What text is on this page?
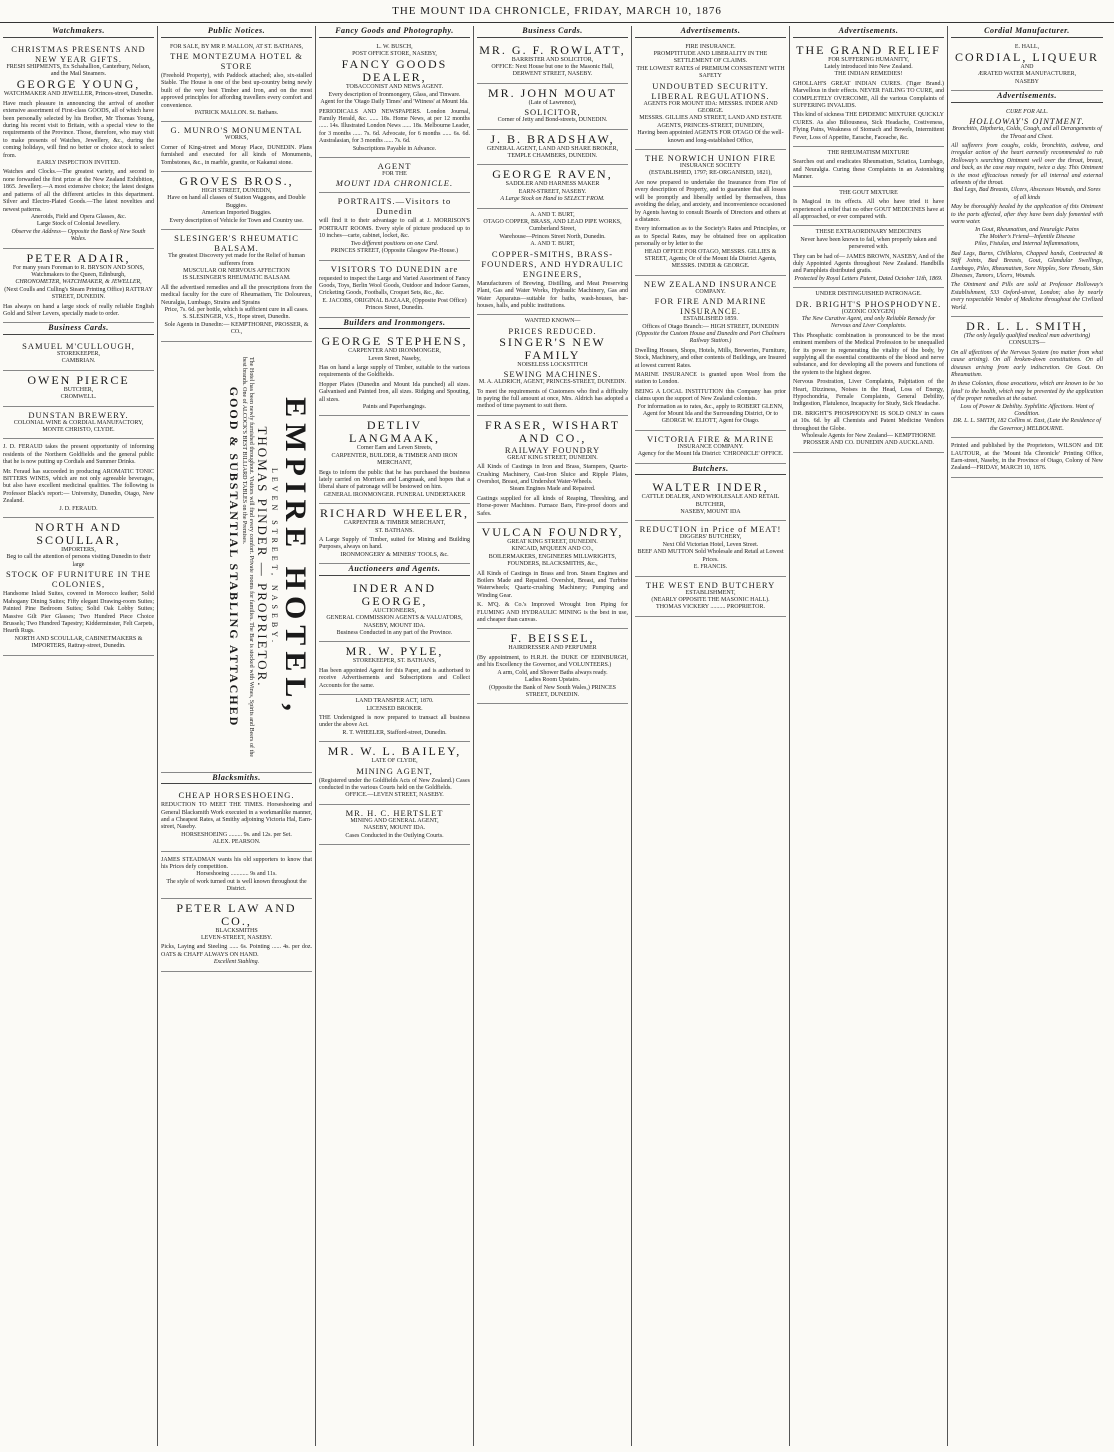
THE MOUNT IDA CHRONICLE, FRIDAY, MARCH 10, 1876
Watchmakers.
CHRISTMAS PRESENTS AND NEW YEAR GIFTS.
FRESH SHIPMENTS, Ex Schahallion, Canterbury, Nelson, and the Mail Steamers.
GEORGE YOUNG,
WATCHMAKER AND JEWELLER, Princes-street, Dunedin.
Have much pleasure in announcing the arrival of another extensive assortment of First-class GOODS, all of which have been personally selected by his Brother, Mr Thomas Young, during his recent visit to Britain, with a special view to the requirements of the Province. Those, therefore, who may visit to make presents of Watches, Jewellery, &c., during the coming holidays, will find no better or choice stock to select from.
EARLY INSPECTION INVITED.
Watches and Clocks.—The greatest variety, and second to none forwarded the first prize at the New Zealand Exhibition, 1865. Jewellery.—A most extensive choice; the latest designs and patterns of all the different articles in this department. Silver and Electro-Plated Goods.—The latest novelties and newest patterns.
Aneroids, Field and Opera Glasses, &c.
Large Stock of Colonial Jewellery.
Observe the Address— Opposite the Bank of New South Wales.
PETER ADAIR,
For many years Foreman to R. BRYSON AND SONS, Watchmakers to the Queen, Edinburgh,
CHRONOMETER, WATCHMAKER, & JEWELLER,
(Next Coulls and Culling's Steam Printing Office) RATTRAY STREET, DUNEDIN.
Has always on hand a large stock of really reliable English Gold and Silver Levers, specially made to order.
Business Cards.
SAMUEL M'CULLOUGH,
STOREKEEPER,
CAMBRIAN.
OWEN PIERCE
BUTCHER,
CROMWELL.
DUNSTAN BREWERY.
COLONIAL WINE & CORDIAL MANUFACTORY, MONTE CHRISTO, CLYDE.
J. D. FERAUD takes the present opportunity of informing residents of the Northern Goldfields and the general public that he is now putting up Cordials and Summer Drinks.
Mr. Feraud has succeeded in producing AROMATIC TONIC BITTERS WINES, which are not only agreeable beverages, but also have excellent medicinal qualities. The following is Professor Black's report:— University, Dunedin, Otago, New Zealand.
J. D. FERAUD.
NORTH AND SCOULLAR,
IMPORTERS,
Beg to call the attention of persons visiting Dunedin to their large
STOCK OF FURNITURE IN THE COLONIES,
Handsome Inlaid Suites, covered in Morocco leather; Solid Mahogany Dining Suites; Fifty elegant Drawing-room Suites; Painted Pine Bedroom Suites; Solid Oak Lobby Suites; Massive Gilt Pier Glasses; Two Hundred Piece Choice Brussels; Two Hundred Tapestry; Kidderminster, Felt Carpets, Hearth Rugs.
NORTH AND SCOULLAR, CABINETMAKERS & IMPORTERS, Rattray-street, Dunedin.
Public Notices.
FOR SALE, BY MR P. MALLON, AT ST. BATHANS,
THE MONTEZUMA HOTEL & STORE
(Freehold Property), with Paddock attached; also, six-stalled Stable. The House is one of the best up-country being newly built of the very best Timber and Iron, and on the most approved principles for affording travellers every comfort and convenience.
PATRICK MALLON. St. Bathans.
G. MUNRO'S MONUMENTAL
WORKS,
Corner of King-street and Moray Place, DUNEDIN. Plans furnished and executed for all kinds of Monuments, Tombstones, &c., in marble, granite, or Kakanui stone.
GROVES BROS.,
HIGH STREET, DUNEDIN,
Have on hand all classes of Station Waggons, and Double Buggies.
American Imported Buggies.
Every description of Vehicle for Town and Country use.
SLESINGER'S RHEUMATIC BALSAM.
The greatest Discovery yet made for the Relief of human sufferers from
MUSCULAR OR NERVOUS AFFECTION
IS SLESINGER'S RHEUMATIC BALSAM.
All the advertised remedies and all the prescriptions from the medical faculty for the cure of Rheumatism, Tic Doloureux, Neuralgia, Lumbago, Strains and Sprains
Price, 7s. 6d. per bottle, which is sufficient cure in all cases.
S. SLESINGER, V.S., Hope street, Dunedin.
Sole Agents in Dunedin:— KEMPTHORNE, PROSSER, & CO.,
EMPIRE HOTEL,
LEVEN STREET, NASEBY.
THOMAS PINDER — PROPRIETOR.
The Hotel has been newly furnished throughout. Visitors will find every comfort. Private rooms for families. The Bar is stocked with Wines, Spirits and Beers of the best brands. One of ALCOCK'S BEST BILLIARD TABLES on the Premises.
GOOD & SUBSTANTIAL STABLING ATTACHED
Blacksmiths.
CHEAP HORSESHOEING.
REDUCTION TO MEET THE TIMES. Horseshoeing and General Blacksmith Work executed in a workmanlike manner, and a Cheapest Rates, at Smithy adjoining Victoria Hal, Earn-street, Naseby.
HORSESHOEING ......... 9s. and 12s. per Set.
ALEX. PEARSON.
JAMES STEADMAN wants his old supporters to know that his Prices defy competition.
Horseshoeing ............ 9s and 11s.
The style of work turned out is well known throughout the District.
PETER LAW AND CO.,
BLACKSMITHS
LEVEN-STREET, NASEBY.
Picks, Laying and Steeling ...... 6s. Pointing ...... 4s. per doz. OATS & CHAFF ALWAYS ON HAND.
Excellent Stabling.
Fancy Goods and Photography.
L. W. BUSCH,
POST OFFICE STORE, NASEBY,
FANCY GOODS DEALER,
TOBACCONIST AND NEWS AGENT.
Every description of Ironmongery, Glass, and Tinware.
Agent for the 'Otago Daily Times' and 'Witness' at Mount Ida.
PERIODICALS AND NEWSPAPERS. London Journal, Family Herald, &c. ...... 18s. Home News, at per 12 months ...... 14s. Illustrated London News ...... 18s. Melbourne Leader, for 3 months ...... 7s. 6d. Advocate, for 6 months ...... 6s. 6d. Australasian, for 3 months ...... 7s. 6d.
Subscriptions Payable in Advance.
AGENT
FOR THE
MOUNT IDA CHRONICLE.
PORTRAITS.—Visitors to Dunedin
will find it to their advantage to call at J. MORRISON'S PORTRAIT ROOMS. Every style of picture produced up to 10 inches—carte, cabinet, locket, &c.
Two different positions on one Card.
PRINCES STREET, (Opposite Glasgow Pie-House.)
VISITORS TO DUNEDIN are
requested to inspect the Large and Varied Assortment of Fancy Goods, Toys, Berlin Wool Goods, Outdoor and Indoor Games, Cricketing Goods, Footballs, Croquet Sets, &c., &c.
E. JACOBS, ORIGINAL BAZAAR, (Opposite Post Office) Princes Street, Dunedin.
Builders and Ironmongers.
GEORGE STEPHENS,
CARPENTER AND IRONMONGER,
Leven Street, Naseby,
Has on hand a large supply of Timber, suitable to the various requirements of the Goldfields.
Hopper Plates (Dunedin and Mount Ida punched) all sizes. Galvanised and Painted Iron, all sizes. Ridging and Spouting, all sizes.
Paints and Paperhangings.
DETLIV LANGMAAK,
Corner Earn and Leven Streets,
CARPENTER, BUILDER, & TIMBER AND IRON MERCHANT,
Begs to inform the public that he has purchased the business lately carried on Morrison and Langmaak, and hopes that a liberal share of patronage will be bestowed on him.
GENERAL IRONMONGER. FUNERAL UNDERTAKER
RICHARD WHEELER,
CARPENTER & TIMBER MERCHANT,
ST. BATHANS.
A Large Supply of Timber, suited for Mining and Building Purposes, always on hand.
IRONMONGERY & MINERS' TOOLS, &c.
Auctioneers and Agents.
INDER AND GEORGE,
AUCTIONEERS,
GENERAL COMMISSION AGENTS & VALUATORS, NASEBY, MOUNT IDA.
Business Conducted in any part of the Province.
MR. W. PYLE,
STOREKEEPER, ST. BATHANS,
Has been appointed Agent for this Paper, and is authorised to receive Advertisements and Subscriptions and Collect Accounts for the same.
LAND TRANSFER ACT, 1870.
LICENSED BROKER.
THE Undersigned is now prepared to transact all business under the above Act.
R. T. WHEELER, Stafford-street, Dunedin.
MR. W. L. BAILEY,
LATE OF CLYDE,
MINING AGENT,
(Registered under the Goldfields Acts of New Zealand.) Cases conducted in the various Courts held on the Goldfields.
OFFICE.—LEVEN STREET, NASEBY.
MR. H. C. HERTSLET
MINING AND GENERAL AGENT,
NASEBY, MOUNT IDA.
Cases Conducted in the Outlying Courts.
Business Cards.
MR. G. F. ROWLATT,
BARRISTER AND SOLICITOR,
OFFICE: Next House but one to the Masonic Hall,
DERWENT STREET, NASEBY.
MR. JOHN MOUAT
(Late of Lawrence),
SOLICITOR,
Corner of Jetty and Bond-streets, DUNEDIN.
J. B. BRADSHAW,
GENERAL AGENT, LAND AND SHARE BROKER,
TEMPLE CHAMBERS, DUNEDIN.
GEORGE RAVEN,
SADDLER AND HARNESS MAKER
EARN-STREET, NASEBY.
A Large Stock on Hand to SELECT FROM.
A. AND T. BURT,
OTAGO COPPER, BRASS, AND LEAD PIPE WORKS, Cumberland Street,
Warehouse—Princes Street North, Dunedin.
A. AND T. BURT,
COPPER-SMITHS, BRASS-FOUNDERS, AND HYDRAULIC ENGINEERS,
Manufacturers of Brewing, Distilling, and Meat Preserving Plant, Gas and Water Works, Hydraulic Machinery, Gas and Water Apparatus—suitable for baths, wash-houses, bar-houses, halls, and public institutions.
WANTED KNOWN—
PRICES REDUCED.
SINGER'S NEW FAMILY
NOISELESS LOCKSTITCH
SEWING MACHINES.
M. A. ALDRICH, AGENT, PRINCES-STREET, DUNEDIN.
To meet the requirements of Customers who find a difficulty in paying the full amount at once, Mrs. Aldrich has adopted a method of time payment to suit them.
FRASER, WISHART AND CO.,
RAILWAY FOUNDRY
GREAT KING STREET, DUNEDIN.
All Kinds of Castings in Iron and Brass, Stampers, Quartz-Crushing Machinery, Cast-Iron Sluice and Ripple Plates, Overshot, Breast, and Undershot Water-Wheels.
Steam Engines Made and Repaired.
Castings supplied for all kinds of Reaping, Threshing, and Horse-power Machines. Furnace Bars, Fire-proof doors and Safes.
VULCAN FOUNDRY,
GREAT KING STREET, DUNEDIN.
KINCAID, M'QUEEN AND CO.,
BOILERMAKERS, ENGINEERS MILLWRIGHTS, FOUNDERS, BLACKSMITHS, &c.,
All Kinds of Castings in Brass and Iron. Steam Engines and Boilers Made and Repaired. Overshot, Breast, and Turbine Waterwheels; Quartz-crushing Machinery; Pumping and Winding Gear.
K. M'Q. & Co.'s Improved Wrought Iron Piping for FLUMING AND HYDRAULIC MINING is the best in use, and cheaper than canvas.
F. BEISSEL,
HAIRDRESSER AND PERFUMER
(By appointment, to H.R.H. the DUKE OF EDINBURGH, and his Excellency the Governor, and VOLUNTEERS.)
A arm, Cold, and Shower Baths always ready.
Ladies Room Upstairs.
(Opposite the Bank of New South Wales,) PRINCES STREET, DUNEDIN.
Advertisements.
FIRE INSURANCE.
PROMPTITUDE AND LIBERALITY IN THE SETTLEMENT OF CLAIMS.
THE LOWEST RATES of PREMIUM CONSISTENT WITH SAFETY
UNDOUBTED SECURITY.
LIBERAL REGULATIONS.
AGENTS FOR MOUNT IDA: MESSRS. INDER AND GEORGE.
MESSRS. GILLIES AND STREET, LAND AND ESTATE AGENTS, PRINCES-STREET, DUNEDIN,
Having been appointed AGENTS FOR OTAGO Of the well-known and long-established Office,
THE NORWICH UNION FIRE
INSURANCE SOCIETY
(ESTABLISHED, 1797; RE-ORGANISED, 1821),
Are now prepared to undertake the Insurance from Fire of every description of Property, and to guarantee that all losses will be promptly and liberally settled by themselves, thus avoiding the delay, and anxiety, and inconvenience occasioned by Agents having to consult Boards of Directors and others at a distance.
Every information as to the Society's Rates and Principles, or as to Special Rates, may be obtained free on application personally or by letter to the
HEAD OFFICE FOR OTAGO, MESSRS. GILLIES & STREET, Agents; Or of the Mount Ida District Agents, MESSRS. INDER & GEORGE.
NEW ZEALAND INSURANCE
COMPANY.
FOR FIRE AND MARINE INSURANCE.
ESTABLISHED 1859.
Offices of Otago Branch:— HIGH STREET, DUNEDIN
(Opposite the Custom House and Dunedin and Port Chalmers Railway Station.)
Dwelling Houses, Shops, Hotels, Mills, Breweries, Furniture, Stock, Machinery, and other contents of Buildings, are Insured at lowest current Rates.
MARINE INSURANCE is granted upon Wool from the station to London.
BEING A LOCAL INSTITUTION this Company has prior claims upon the support of New Zealand colonists.
For information as to rates, &c., apply to ROBERT GLENN, Agent for Mount Ida and the Surrounding District, Or to GEORGE W. ELIOTT, Agent for Otago.
VICTORIA FIRE & MARINE
INSURANCE COMPANY.
Agency for the Mount Ida District: 'CHRONICLE' OFFICE.
Butchers.
WALTER INDER,
CATTLE DEALER, AND WHOLESALE AND RETAIL BUTCHER,
NASEBY, MOUNT IDA
REDUCTION in Price of MEAT!
DIGGERS' BUTCHERY,
Next Old Victorian Hotel, Leven Street.
BEEF AND MUTTON Sold Wholesale and Retail at Lowest Prices.
E. FRANCIS.
THE WEST END BUTCHERY
ESTABLISHMENT,
(NEARLY OPPOSITE THE MASONIC HALL).
THOMAS VICKERY .......... PROPRIETOR.
Advertisements.
THE GRAND RELIEF
FOR SUFFERING HUMANITY,
Lately introduced into New Zealand.
THE INDIAN REMEDIES!
GHOLLAH'S GREAT INDIAN CURES. (Tiger Brand.) Marvellous in their effects. NEVER FAILING TO CURE, and COMPLETELY OVERCOME, All the various Complaints of SUFFERING INVALIDS.
This kind of sickness THE EPIDEMIC MIXTURE QUICKLY CURES. As also Biliousness, Sick Headache, Costiveness, Flying Pains, Weakness of Stomach and Bowels, Intermittent Fever, Loss of Appetite, Earache, Faceache, &c.
THE RHEUMATISM MIXTURE
Searches out and eradicates Rheumatism, Sciatica, Lumbago, and Neuralgia. Curing these Complaints in an Astonishing Manner.
THE GOUT MIXTURE
Is Magical in its effects. All who have tried it have experienced a relief that no other GOUT MEDICINES have at all approached, or ever compared with.
THESE EXTRAORDINARY MEDICINES
Never have been known to fail, when properly taken and persevered with.
They can be had of— JAMES BROWN, NASEBY, And of the duly Appointed Agents throughout New Zealand. Handbills and Pamphlets distributed gratis.
Protected by Royal Letters Patent, Dated October 11th, 1869.
UNDER DISTINGUISHED PATRONAGE.
DR. BRIGHT'S PHOSPHODYNE.
(OZONIC OXYGEN)
The New Curative Agent, and only Reliable Remedy for Nervous and Liver Complaints.
This Phosphatic combination is pronounced to be the most eminent members of the Medical Profession to be unequalled for its power in regenerating the vitality of the body, by supplying all the essential constituents of the blood and nerve substance, and for developing all the powers and functions of the system to the highest degree.
Nervous Prostration, Liver Complaints, Palpitation of the Heart, Dizziness, Noises in the Head, Loss of Energy, Hypochondria, Female Complaints, General Debility, Indigestion, Flatulence, Incapacity for Study, Sick Headache.
DR. BRIGHT'S PHOSPHODYNE IS SOLD ONLY in cases at 10s. 6d. by all Chemists and Patent Medicine Vendors throughout the Globe.
Wholesale Agents for New Zealand— KEMPTHORNE PROSSER AND CO. DUNEDIN AND AUCKLAND.
Cordial Manufacturer.
E. HALL,
CORDIAL, LIQUEUR
AND
ÆRATED WATER MANUFACTURER,
NASEBY
Advertisements.
CURE FOR ALL.
HOLLOWAY'S OINTMENT.
Bronchitis, Diptheria, Colds, Cough, and all Derangements of the Throat and Chest.
All sufferers from coughs, colds, bronchitis, asthma, and irregular action of the heart earnestly recommended to rub Holloway's searching Ointment well over the throat, breast, and back, as the case may require, twice a day. This Ointment is the most efficacious remedy for all internal and external ailments of the throat.
Bad Legs, Bad Breasts, Ulcers, Abscesses Wounds, and Sores of all kinds
May be thoroughly healed by the application of this Ointment to the parts affected, after they have been duly fomented with warm water.
In Gout, Rheumatism, and Neuralgic Pains
The Mother's Friend—Infantile Disease
Piles, Fistulas, and Internal Inflammations,
Bad Legs, Burns, Chilblains, Chapped hands, Contracted & Stiff Joints, Bad Breasts, Gout, Glandular Swellings, Lumbago, Piles, Rheumatism, Sore Nipples, Sore Throats, Skin Diseases, Tumors, Ulcers, Wounds.
The Ointment and Pills are sold at Professor Holloway's Establishment, 533 Oxford-street, London; also by nearly every respectable Vendor of Medicine throughout the Civilized World.
DR. L. L. SMITH,
(The only legally qualified medical man advertising)
CONSULTS—
On all affections of the Nervous System (no matter from what cause arising). On all broken-down constitutions. On all diseases arising from early indiscretion. On Gout. On Rheumatism.
In these Colonies, those avocations, which are known to be 'so fatal' to the health, which may be prevented by the application of the proper remedies at the outset.
Loss of Power & Debility. Syphilitic Affections. Want of Condition.
DR. L. L. SMITH, 182 Collins st. East, (Late the Residence of the Governor,) MELBOURNE.
Printed and published by the Proprietors, WILSON and DE LAUTOUR, at the 'Mount Ida Chronicle' Printing Office, Earn-street, Naseby, in the Province of Otago, Colony of New Zealand—FRIDAY, MARCH 10, 1876.
